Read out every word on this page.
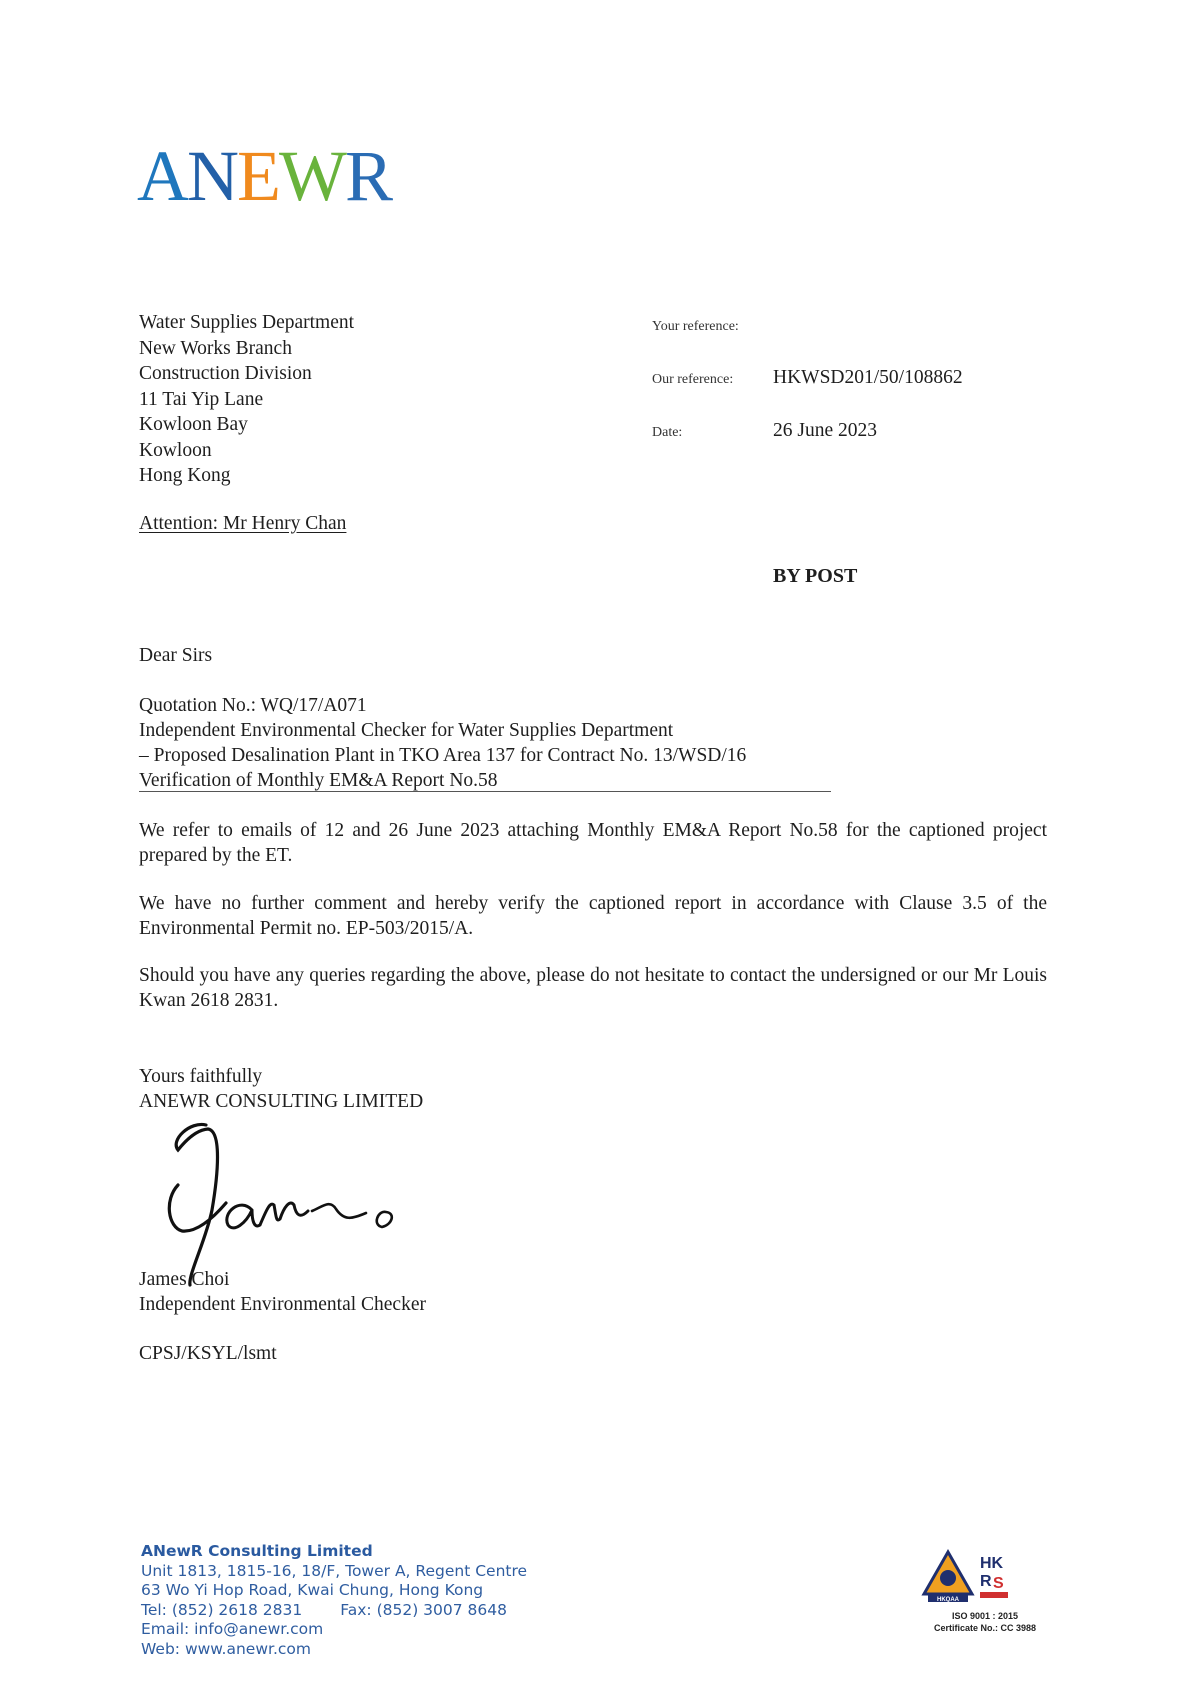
ANEWR
Water Supplies Department
New Works Branch
Construction Division
11 Tai Yip Lane
Kowloon Bay
Kowloon
Hong Kong
Attention: Mr Henry Chan
Your reference:
Our reference: HKWSD201/50/108862
Date:	26 June 2023
BY POST
Dear Sirs
Quotation No.: WQ/17/A071
Independent Environmental Checker for Water Supplies Department
– Proposed Desalination Plant in TKO Area 137 for Contract No. 13/WSD/16
Verification of Monthly EM&A Report No.58
We refer to emails of 12 and 26 June 2023 attaching Monthly EM&A Report No.58 for the captioned project prepared by the ET.
We have no further comment and hereby verify the captioned report in accordance with Clause 3.5 of the Environmental Permit no. EP-503/2015/A.
Should you have any queries regarding the above, please do not hesitate to contact the undersigned or our Mr Louis Kwan 2618 2831.
Yours faithfully
ANEWR CONSULTING LIMITED
James Choi
Independent Environmental Checker
CPSJ/KSYL/lsmt
ANewR Consulting Limited
Unit 1813, 1815-16, 18/F, Tower A, Regent Centre
63 Wo Yi Hop Road, Kwai Chung, Hong Kong
Tel: (852) 2618 2831 Fax: (852) 3007 8648
Email: info@anewr.com
Web: www.anewr.com
HKQAA
HK
R S
ISO 9001 : 2015
Certificate No.: CC 3988
